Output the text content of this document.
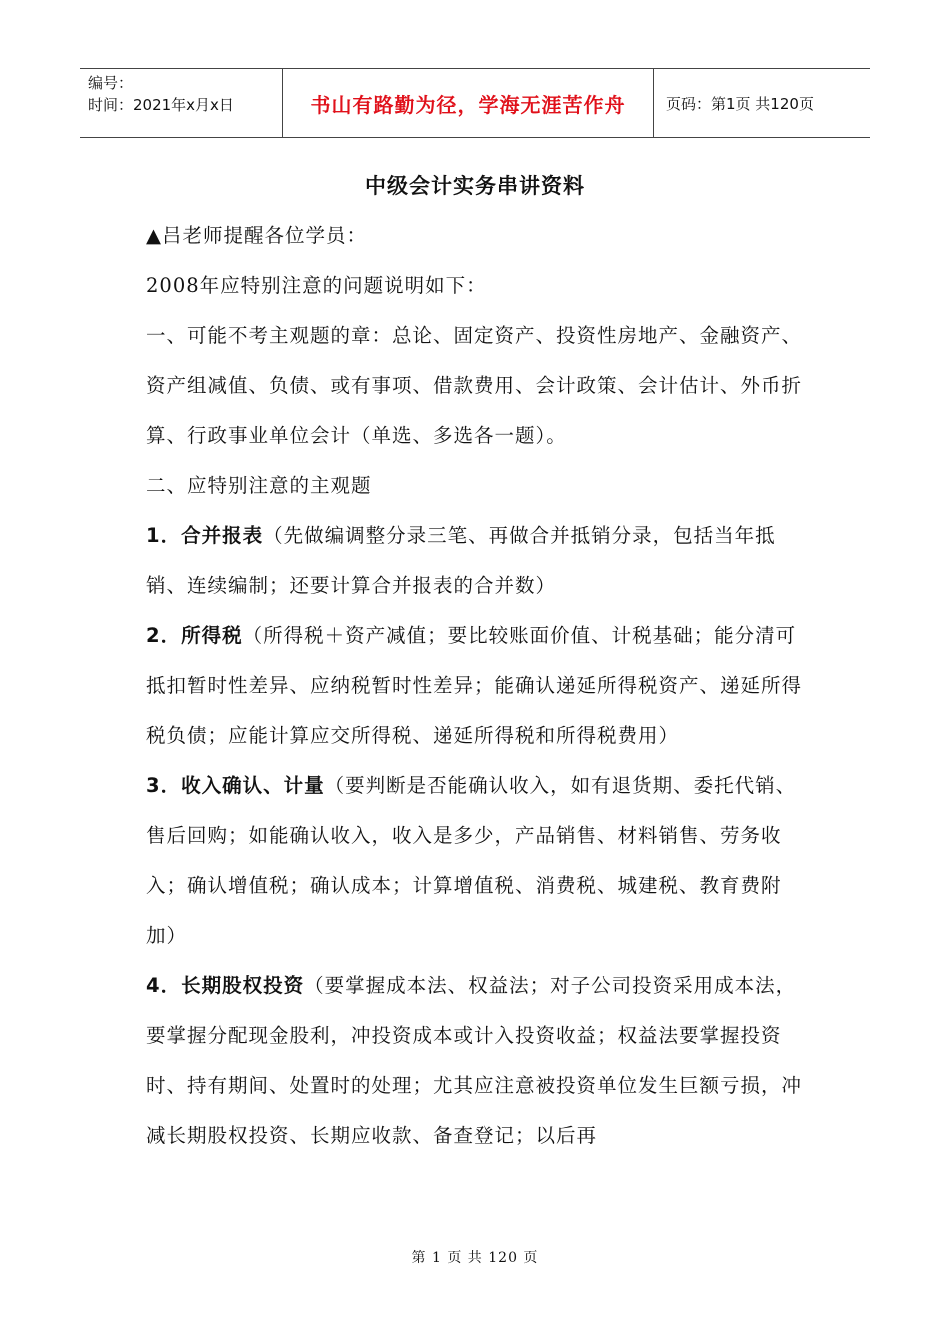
编号：
时间：2021年x月x日	书山有路勤为径，学海无涯苦作舟	页码：第1页 共120页
中级会计实务串讲资料

▲吕老师提醒各位学员：

2008年应特别注意的问题说明如下：

一、可能不考主观题的章：总论、固定资产、投资性房地产、金融资产、资产组减值、负债、或有事项、借款费用、会计政策、会计估计、外币折算、行政事业单位会计（单选、多选各一题）。

二、应特别注意的主观题

1．合并报表（先做编调整分录三笔、再做合并抵销分录，包括当年抵销、连续编制；还要计算合并报表的合并数）

2．所得税（所得税＋资产减值；要比较账面价值、计税基础；能分清可抵扣暂时性差异、应纳税暂时性差异；能确认递延所得税资产、递延所得税负债；应能计算应交所得税、递延所得税和所得税费用）

3．收入确认、计量（要判断是否能确认收入，如有退货期、委托代销、售后回购；如能确认收入，收入是多少，产品销售、材料销售、劳务收入；确认增值税；确认成本；计算增值税、消费税、城建税、教育费附加）

4．长期股权投资（要掌握成本法、权益法；对子公司投资采用成本法，要掌握分配现金股利，冲投资成本或计入投资收益；权益法要掌握投资时、持有期间、处置时的处理；尤其应注意被投资单位发生巨额亏损，冲减长期股权投资、长期应收款、备查登记；以后再

第 1 页 共 120 页
